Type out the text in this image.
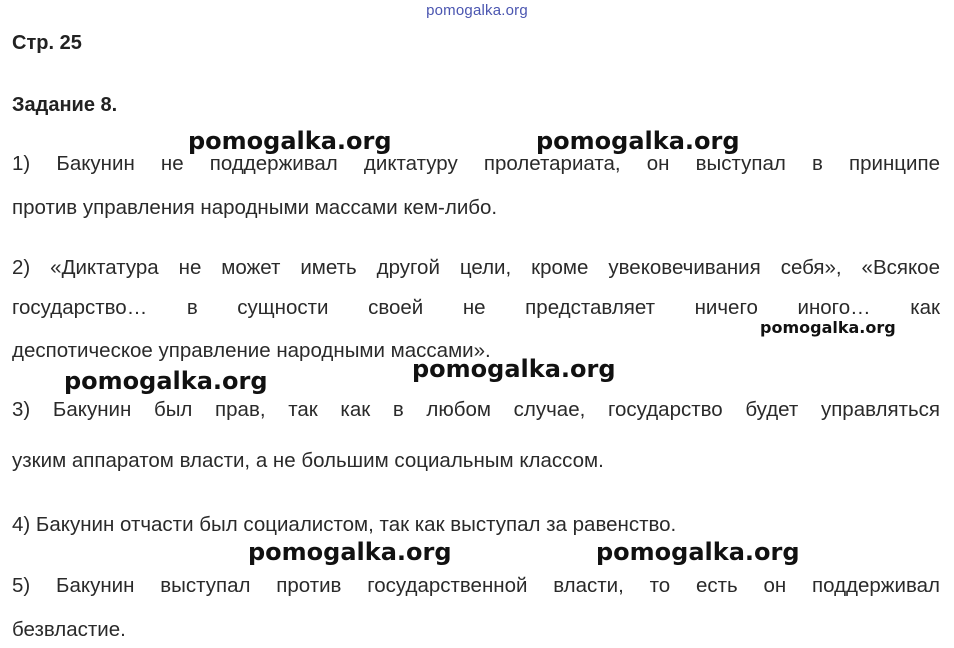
pomogalka.org
Стр. 25
Задание 8.
1) Бакунин не поддерживал диктатуру пролетариата, он выступал в принципе
против управления народными массами кем-либо.
2) «Диктатура не может иметь другой цели, кроме увековечивания себя», «Всякое
государство… в сущности своей не представляет ничего иного… как
деспотическое управление народными массами».
3) Бакунин был прав, так как в любом случае, государство будет управляться
узким аппаратом власти, а не большим социальным классом.
4) Бакунин отчасти был социалистом, так как выступал за равенство.
5) Бакунин выступал против государственной власти, то есть он поддерживал
безвластие.
pomogalka.org	pomogalka.org
pomogalka.org
pomogalka.org	pomogalka.org
pomogalka.org	pomogalka.org
